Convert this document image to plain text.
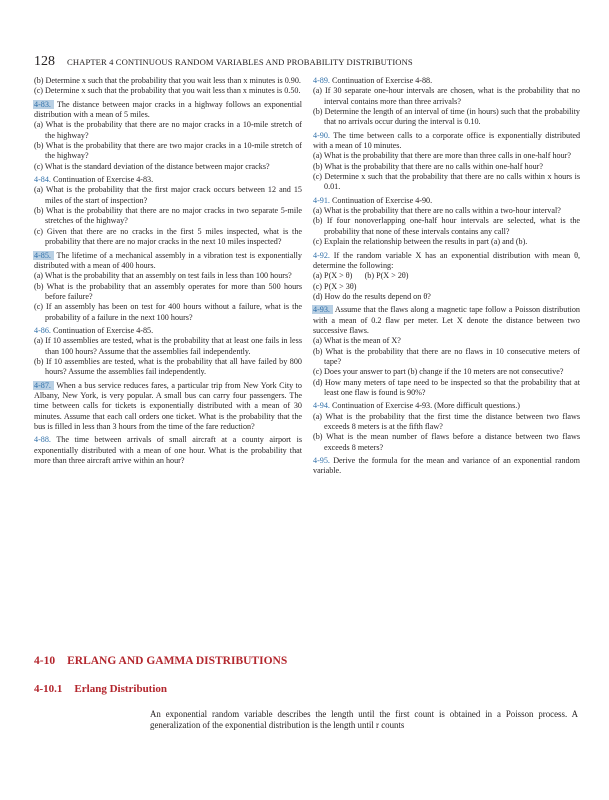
128 CHAPTER 4 CONTINUOUS RANDOM VARIABLES AND PROBABILITY DISTRIBUTIONS

(b) Determine x such that the probability that you wait less than x minutes is 0.90.

(c) Determine x such that the probability that you wait less than x minutes is 0.50.

4-83. The distance between major cracks in a highway follows an exponential distribution with a mean of 5 miles.

(a) What is the probability that there are no major cracks in a 10-mile stretch of the highway?

(b) What is the probability that there are two major cracks in a 10-mile stretch of the highway?

(c) What is the standard deviation of the distance between major cracks?

4-84. Continuation of Exercise 4-83.

(a) What is the probability that the first major crack occurs between 12 and 15 miles of the start of inspection?

(b) What is the probability that there are no major cracks in two separate 5-mile stretches of the highway?

(c) Given that there are no cracks in the first 5 miles inspected, what is the probability that there are no major cracks in the next 10 miles inspected?

4-85. The lifetime of a mechanical assembly in a vibration test is exponentially distributed with a mean of 400 hours.

(a) What is the probability that an assembly on test fails in less than 100 hours?

(b) What is the probability that an assembly operates for more than 500 hours before failure?

(c) If an assembly has been on test for 400 hours without a failure, what is the probability of a failure in the next 100 hours?

4-86. Continuation of Exercise 4-85.

(a) If 10 assemblies are tested, what is the probability that at least one fails in less than 100 hours? Assume that the assemblies fail independently.

(b) If 10 assemblies are tested, what is the probability that all have failed by 800 hours? Assume the assemblies fail independently.

4-87. When a bus service reduces fares, a particular trip from New York City to Albany, New York, is very popular. A small bus can carry four passengers. The time between calls for tickets is exponentially distributed with a mean of 30 minutes. Assume that each call orders one ticket. What is the probability that the bus is filled in less than 3 hours from the time of the fare reduction?

4-88. The time between arrivals of small aircraft at a county airport is exponentially distributed with a mean of one hour. What is the probability that more than three aircraft arrive within an hour?

4-89. Continuation of Exercise 4-88.

(a) If 30 separate one-hour intervals are chosen, what is the probability that no interval contains more than three arrivals?

(b) Determine the length of an interval of time (in hours) such that the probability that no arrivals occur during the interval is 0.10.

4-90. The time between calls to a corporate office is exponentially distributed with a mean of 10 minutes.

(a) What is the probability that there are more than three calls in one-half hour?

(b) What is the probability that there are no calls within one-half hour?

(c) Determine x such that the probability that there are no calls within x hours is 0.01.

4-91. Continuation of Exercise 4-90.

(a) What is the probability that there are no calls within a two-hour interval?

(b) If four nonoverlapping one-half hour intervals are selected, what is the probability that none of these intervals contains any call?

(c) Explain the relationship between the results in part (a) and (b).

4-92. If the random variable X has an exponential distribution with mean θ, determine the following:

(a) P(X > θ)      (b) P(X > 2θ)

(c) P(X > 3θ)

(d) How do the results depend on θ?

4-93. Assume that the flaws along a magnetic tape follow a Poisson distribution with a mean of 0.2 flaw per meter. Let X denote the distance between two successive flaws.

(a) What is the mean of X?

(b) What is the probability that there are no flaws in 10 consecutive meters of tape?

(c) Does your answer to part (b) change if the 10 meters are not consecutive?

(d) How many meters of tape need to be inspected so that the probability that at least one flaw is found is 90%?

4-94. Continuation of Exercise 4-93. (More difficult questions.)

(a) What is the probability that the first time the distance between two flaws exceeds 8 meters is at the fifth flaw?

(b) What is the mean number of flaws before a distance between two flaws exceeds 8 meters?

4-95. Derive the formula for the mean and variance of an exponential random variable.

4-10 ERLANG AND GAMMA DISTRIBUTIONS
4-10.1 Erlang Distribution
An exponential random variable describes the length until the first count is obtained in a Poisson process. A generalization of the exponential distribution is the length until r counts
